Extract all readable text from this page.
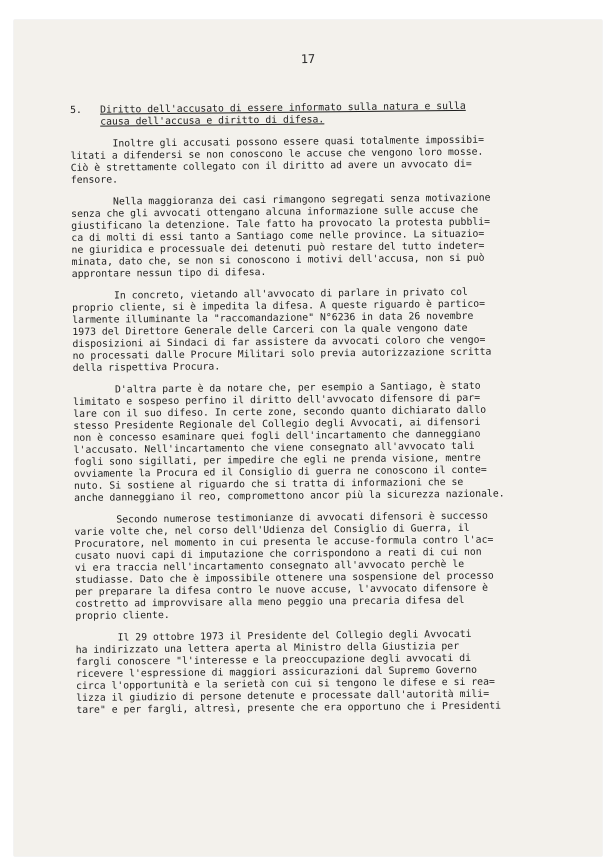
17
5.	Diritto dell'accusato di essere informato sulla natura e sulla
causa dell'accusa e diritto di difesa.
Inoltre gli accusati possono essere quasi totalmente impossibi=
litati a difendersi se non conoscono le accuse che vengono loro mosse.
Ciò è strettamente collegato con il diritto ad avere un avvocato di=
fensore.
Nella maggioranza dei casi rimangono segregati senza motivazione
senza che gli avvocati ottengano alcuna informazione sulle accuse che
giustificano la detenzione. Tale fatto ha provocato la protesta pubbli=
ca di molti di essi tanto a Santiago come nelle province. La situazio=
ne giuridica e processuale dei detenuti può restare del tutto indeter=
minata, dato che, se non si conoscono i motivi dell'accusa, non si può
approntare nessun tipo di difesa.
In concreto, vietando all'avvocato di parlare in privato col
proprio cliente, si è impedita la difesa. A queste riguardo è partico=
larmente illuminante la "raccomandazione" N°6236 in data 26 novembre
1973 del Direttore Generale delle Carceri con la quale vengono date
disposizioni ai Sindaci di far assistere da avvocati coloro che vengo=
no processati dalle Procure Militari solo previa autorizzazione scritta
della rispettiva Procura.
D'altra parte è da notare che, per esempio a Santiago, è stato
limitato e sospeso perfino il diritto dell'avvocato difensore di par=
lare con il suo difeso. In certe zone, secondo quanto dichiarato dallo
stesso Presidente Regionale del Collegio degli Avvocati, ai difensori
non è concesso esaminare quei fogli dell'incartamento che danneggiano
l'accusato. Nell'incartamento che viene consegnato all'avvocato tali
fogli sono sigillati, per impedire che egli ne prenda visione, mentre
ovviamente la Procura ed il Consiglio di guerra ne conoscono il conte=
nuto. Si sostiene al riguardo che si tratta di informazioni che se
anche danneggiano il reo, compromettono ancor più la sicurezza nazionale.
Secondo numerose testimonianze di avvocati difensori è successo
varie volte che, nel corso dell'Udienza del Consiglio di Guerra, il
Procuratore, nel momento in cui presenta le accuse-formula contro l'ac=
cusato nuovi capi di imputazione che corrispondono a reati di cui non
vi era traccia nell'incartamento consegnato all'avvocato perchè le
studiasse. Dato che è impossibile ottenere una sospensione del processo
per preparare la difesa contro le nuove accuse, l'avvocato difensore è
costretto ad improvvisare alla meno peggio una precaria difesa del
proprio cliente.
Il 29 ottobre 1973 il Presidente del Collegio degli Avvocati
ha indirizzato una lettera aperta al Ministro della Giustizia per
fargli conoscere "l'interesse e la preoccupazione degli avvocati di
ricevere l'espressione di maggiori assicurazioni dal Supremo Governo
circa l'opportunità e la serietà con cui si tengono le difese e si rea=
lizza il giudizio di persone detenute e processate dall'autorità mili=
tare" e per fargli, altresì, presente che era opportuno che i Presidenti
